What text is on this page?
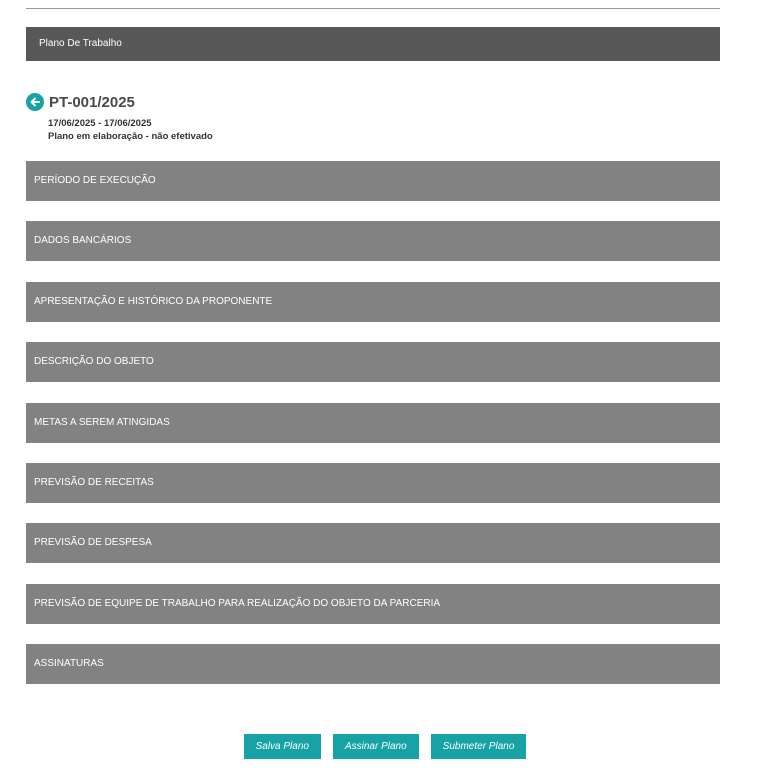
Plano De Trabalho
PT-001/2025
17/06/2025 - 17/06/2025
Plano em elaboração - não efetivado
PERÍODO DE EXECUÇÃO
DADOS BANCÁRIOS
APRESENTAÇÃO E HISTÓRICO DA PROPONENTE
DESCRIÇÃO DO OBJETO
METAS A SEREM ATINGIDAS
PREVISÃO DE RECEITAS
PREVISÃO DE DESPESA
PREVISÃO DE EQUIPE DE TRABALHO PARA REALIZAÇÃO DO OBJETO DA PARCERIA
ASSINATURAS
Salva Plano	Assinar Plano	Submeter Plano
